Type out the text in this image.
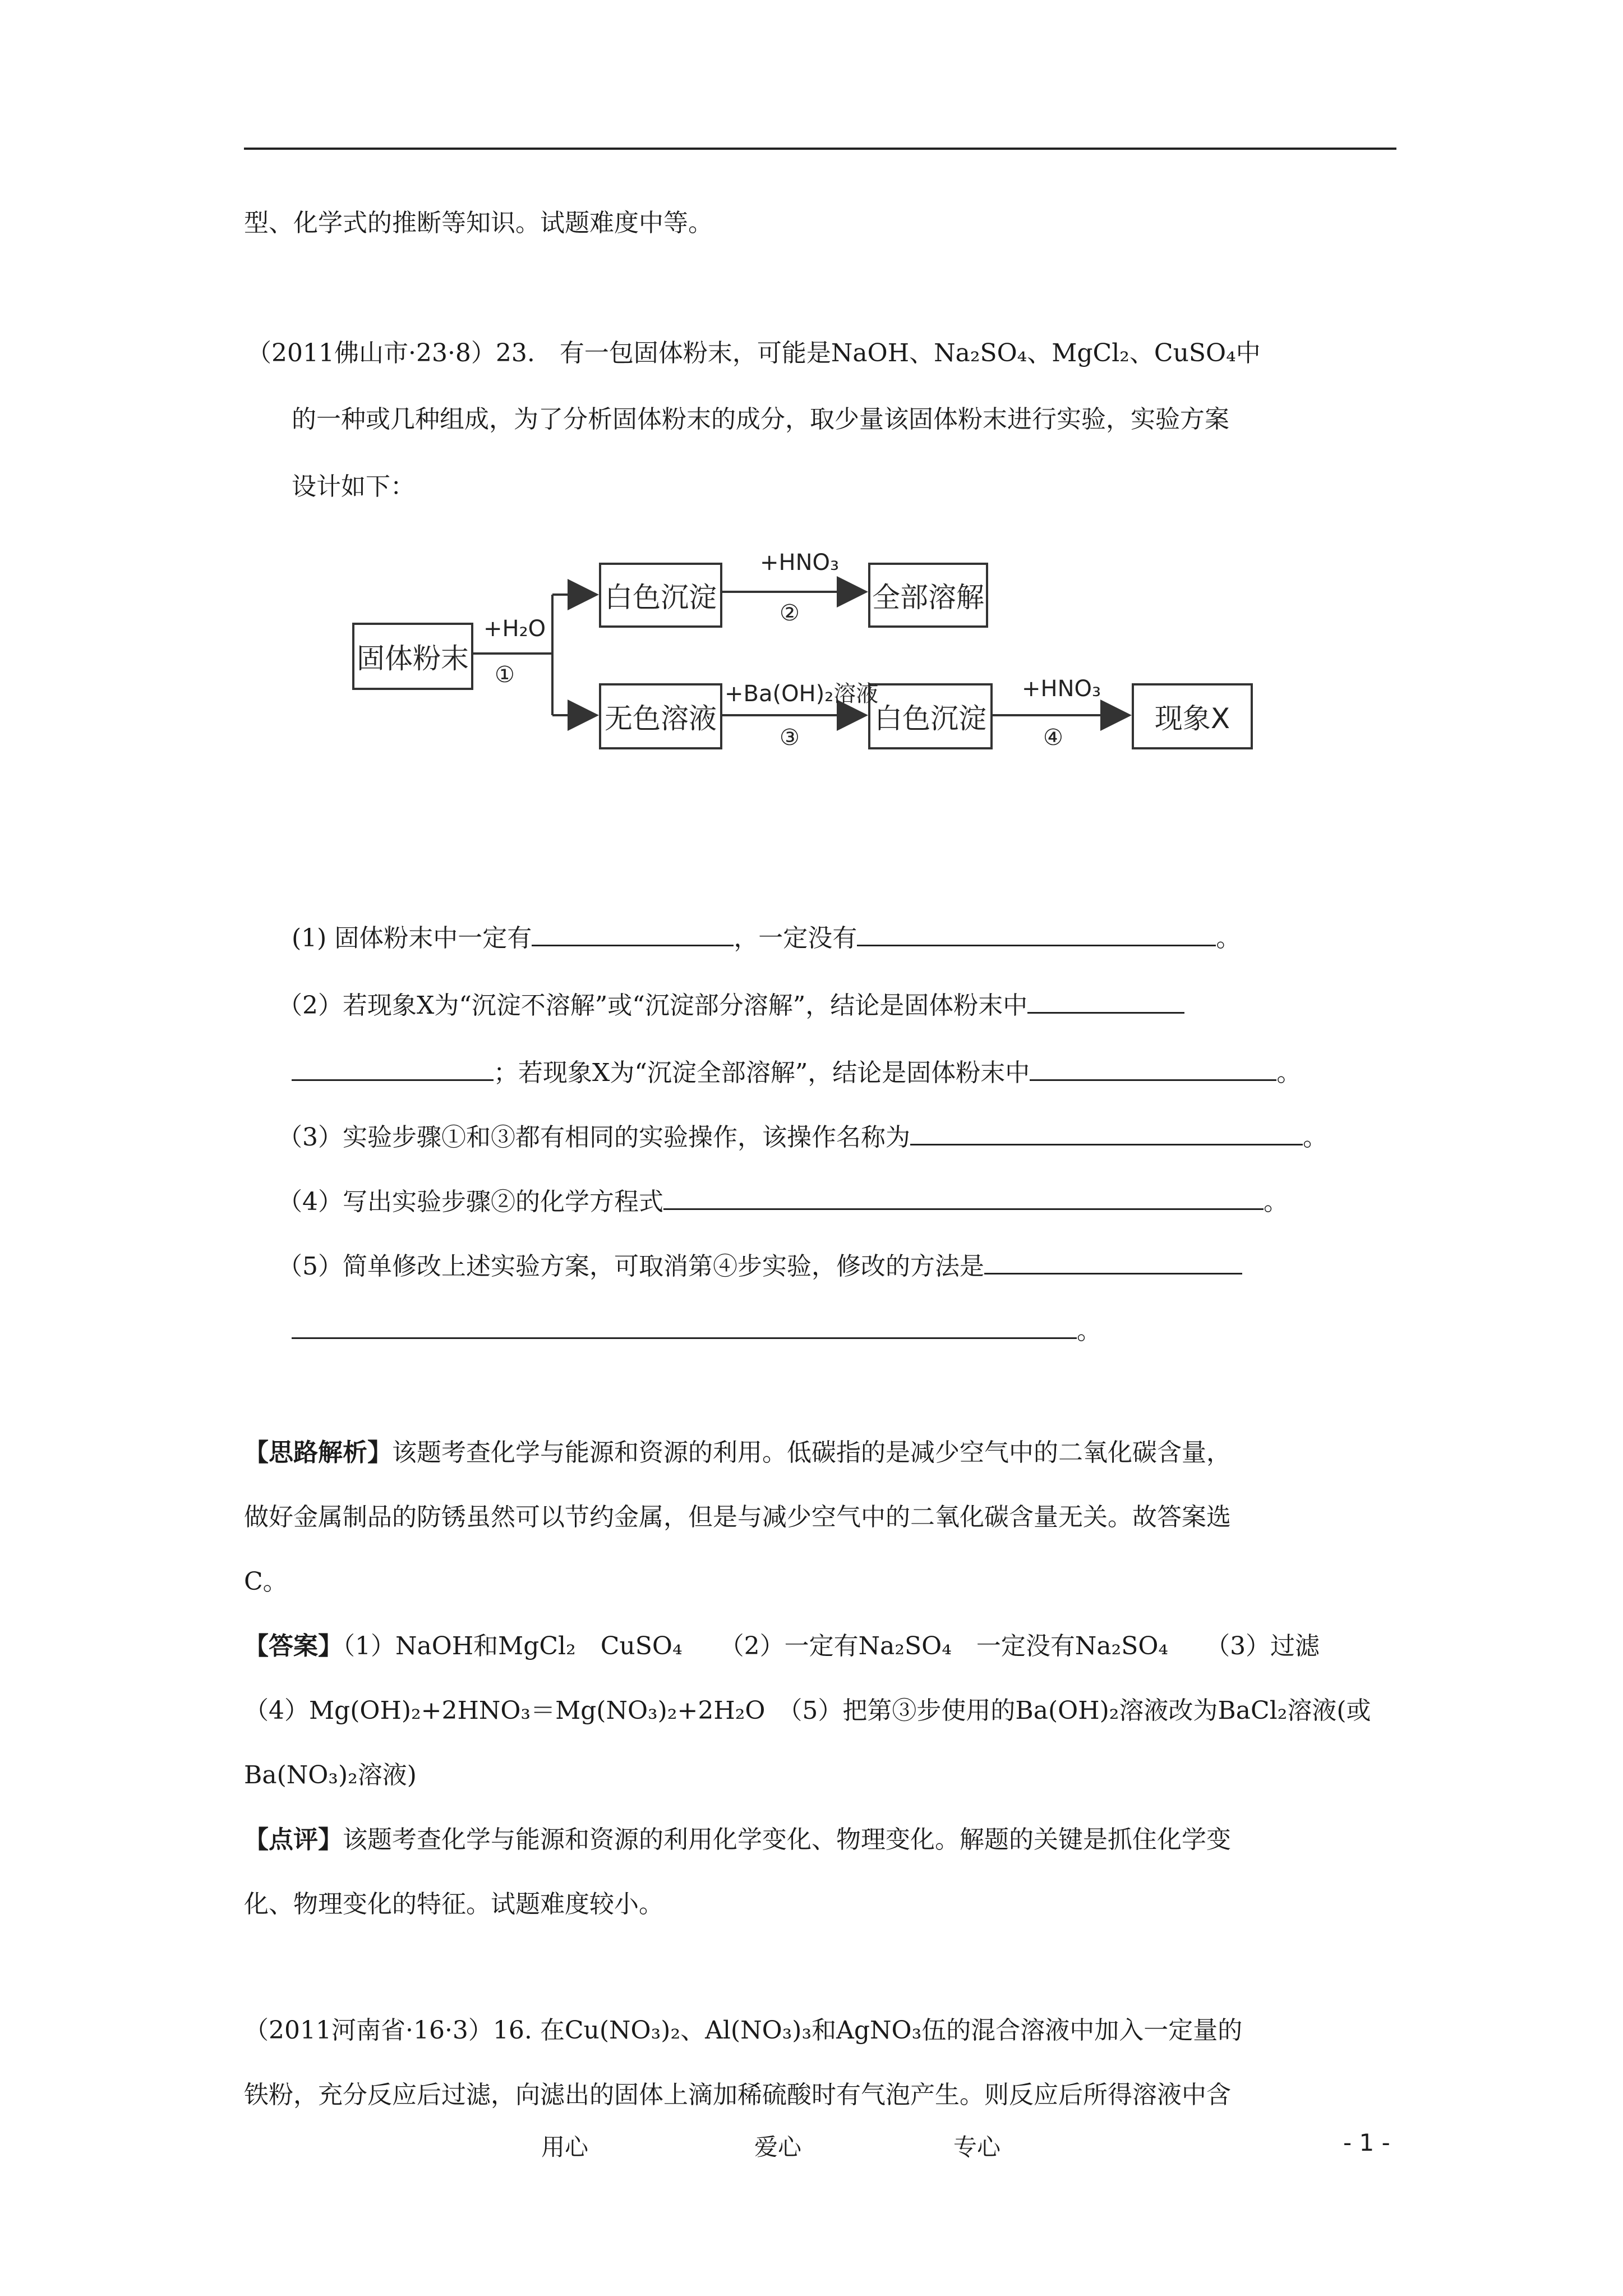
型、化学式的推断等知识。试题难度中等。
（2011佛山市·23·8）23.　有一包固体粉末，可能是NaOH、Na₂SO₄、MgCl₂、CuSO₄中
的一种或几种组成，为了分析固体粉末的成分，取少量该固体粉末进行实验，实验方案
设计如下：
固体粉末
白色沉淀	全部溶解
无色溶液	白色沉淀	现象X
+H₂O
①
+HNO₃
②
+Ba(OH)₂溶液
③
+HNO₃
④
(1) 固体粉末中一定有	，一定没有	。
（2）若现象X为“沉淀不溶解”或“沉淀部分溶解”，结论是固体粉末中
；若现象X为“沉淀全部溶解”，结论是固体粉末中	。
（3）实验步骤①和③都有相同的实验操作，该操作名称为	。
（4）写出实验步骤②的化学方程式	。
（5）简单修改上述实验方案，可取消第④步实验，修改的方法是
。
【思路解析】该题考查化学与能源和资源的利用。低碳指的是减少空气中的二氧化碳含量，
做好金属制品的防锈虽然可以节约金属，但是与减少空气中的二氧化碳含量无关。故答案选
C。
【答案】（1）NaOH和MgCl₂　CuSO₄　　（2）一定有Na₂SO₄　一定没有Na₂SO₄　　（3）过滤
（4）Mg(OH)₂+2HNO₃＝Mg(NO₃)₂+2H₂O　（5）把第③步使用的Ba(OH)₂溶液改为BaCl₂溶液(或
Ba(NO₃)₂溶液)
【点评】该题考查化学与能源和资源的利用化学变化、物理变化。解题的关键是抓住化学变
化、物理变化的特征。试题难度较小。
（2011河南省·16·3）16. 在Cu(NO₃)₂、Al(NO₃)₃和AgNO₃伍的混合溶液中加入一定量的
铁粉，充分反应后过滤，向滤出的固体上滴加稀硫酸时有气泡产生。则反应后所得溶液中含
用心	爱心	专心	- 1 -
